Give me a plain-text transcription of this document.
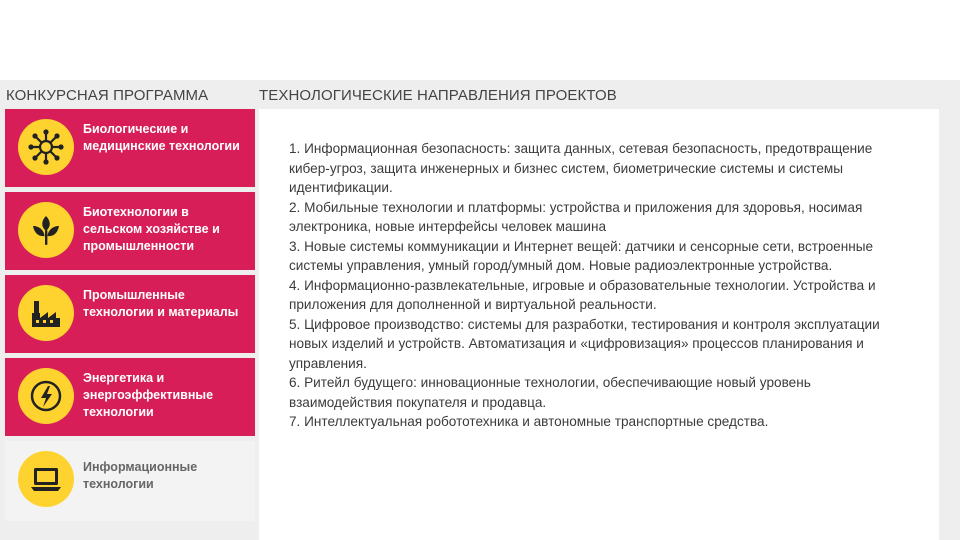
КОНКУРСНАЯ ПРОГРАММА	ТЕХНОЛОГИЧЕСКИЕ НАПРАВЛЕНИЯ ПРОЕКТОВ
Биологические и медицинские технологии
Биотехнологии в сельском хозяйстве и промышленности
Промышленные технологии и материалы
Энергетика и энергоэффективные технологии
Информационные технологии

1. Информационная безопасность: защита данных, сетевая безопасность, предотвращение кибер-угроз, защита инженерных и бизнес систем, биометрические системы и системы идентификации.

2. Мобильные технологии и платформы: устройства и приложения для здоровья, носимая электроника, новые интерфейсы человек машина

3. Новые системы коммуникации и Интернет вещей: датчики и сенсорные сети, встроенные системы управления, умный город/умный дом. Новые радиоэлектронные устройства.

4. Информационно-развлекательные, игровые и образовательные технологии. Устройства и приложения для дополненной и виртуальной реальности.

5. Цифровое производство: системы для разработки, тестирования и контроля эксплуатации новых изделий и устройств. Автоматизация и «цифровизация» процессов планирования и управления.

6. Ритейл будущего: инновационные технологии, обеспечивающие новый уровень взаимодействия покупателя и продавца.

7. Интеллектуальная робототехника и автономные транспортные средства.
